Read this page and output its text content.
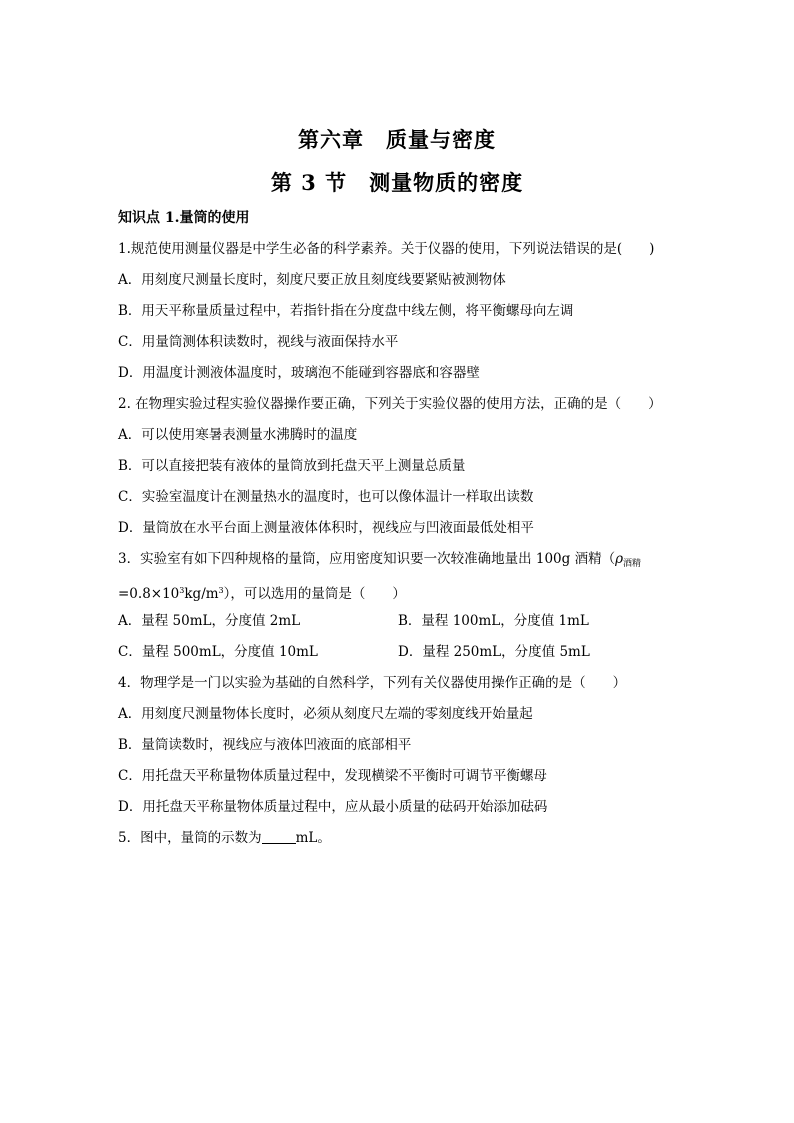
第六章　质量与密度
第 3 节　测量物质的密度
知识点 1.量筒的使用
1.规范使用测量仪器是中学生必备的科学素养。关于仪器的使用，下列说法错误的是(　　)
A．用刻度尺测量长度时，刻度尺要正放且刻度线要紧贴被测物体
B．用天平称量质量过程中，若指针指在分度盘中线左侧，将平衡螺母向左调
C．用量筒测体积读数时，视线与液面保持水平
D．用温度计测液体温度时，玻璃泡不能碰到容器底和容器壁
2. 在物理实验过程实验仪器操作要正确，下列关于实验仪器的使用方法，正确的是（　　）
A．可以使用寒暑表测量水沸腾时的温度
B．可以直接把装有液体的量筒放到托盘天平上测量总质量
C．实验室温度计在测量热水的温度时，也可以像体温计一样取出读数
D．量筒放在水平台面上测量液体体积时，视线应与凹液面最低处相平
3．实验室有如下四种规格的量筒，应用密度知识要一次较准确地量出 100g 酒精（$\rho_{酒精}$
$=0.8\times 10^3kg/m^3$），可以选用的量筒是（　　）
A．量程 50mL，分度值 2mL	B．量程 100mL，分度值 1mL
C．量程 500mL，分度值 10mL	D．量程 250mL，分度值 5mL
4．物理学是一门以实验为基础的自然科学，下列有关仪器使用操作正确的是（　　）
A．用刻度尺测量物体长度时，必须从刻度尺左端的零刻度线开始量起
B．量筒读数时，视线应与液体凹液面的底部相平
C．用托盘天平称量物体质量过程中，发现横梁不平衡时可调节平衡螺母
D．用托盘天平称量物体质量过程中，应从最小质量的砝码开始添加砝码
5．图中，量筒的示数为	mL。
